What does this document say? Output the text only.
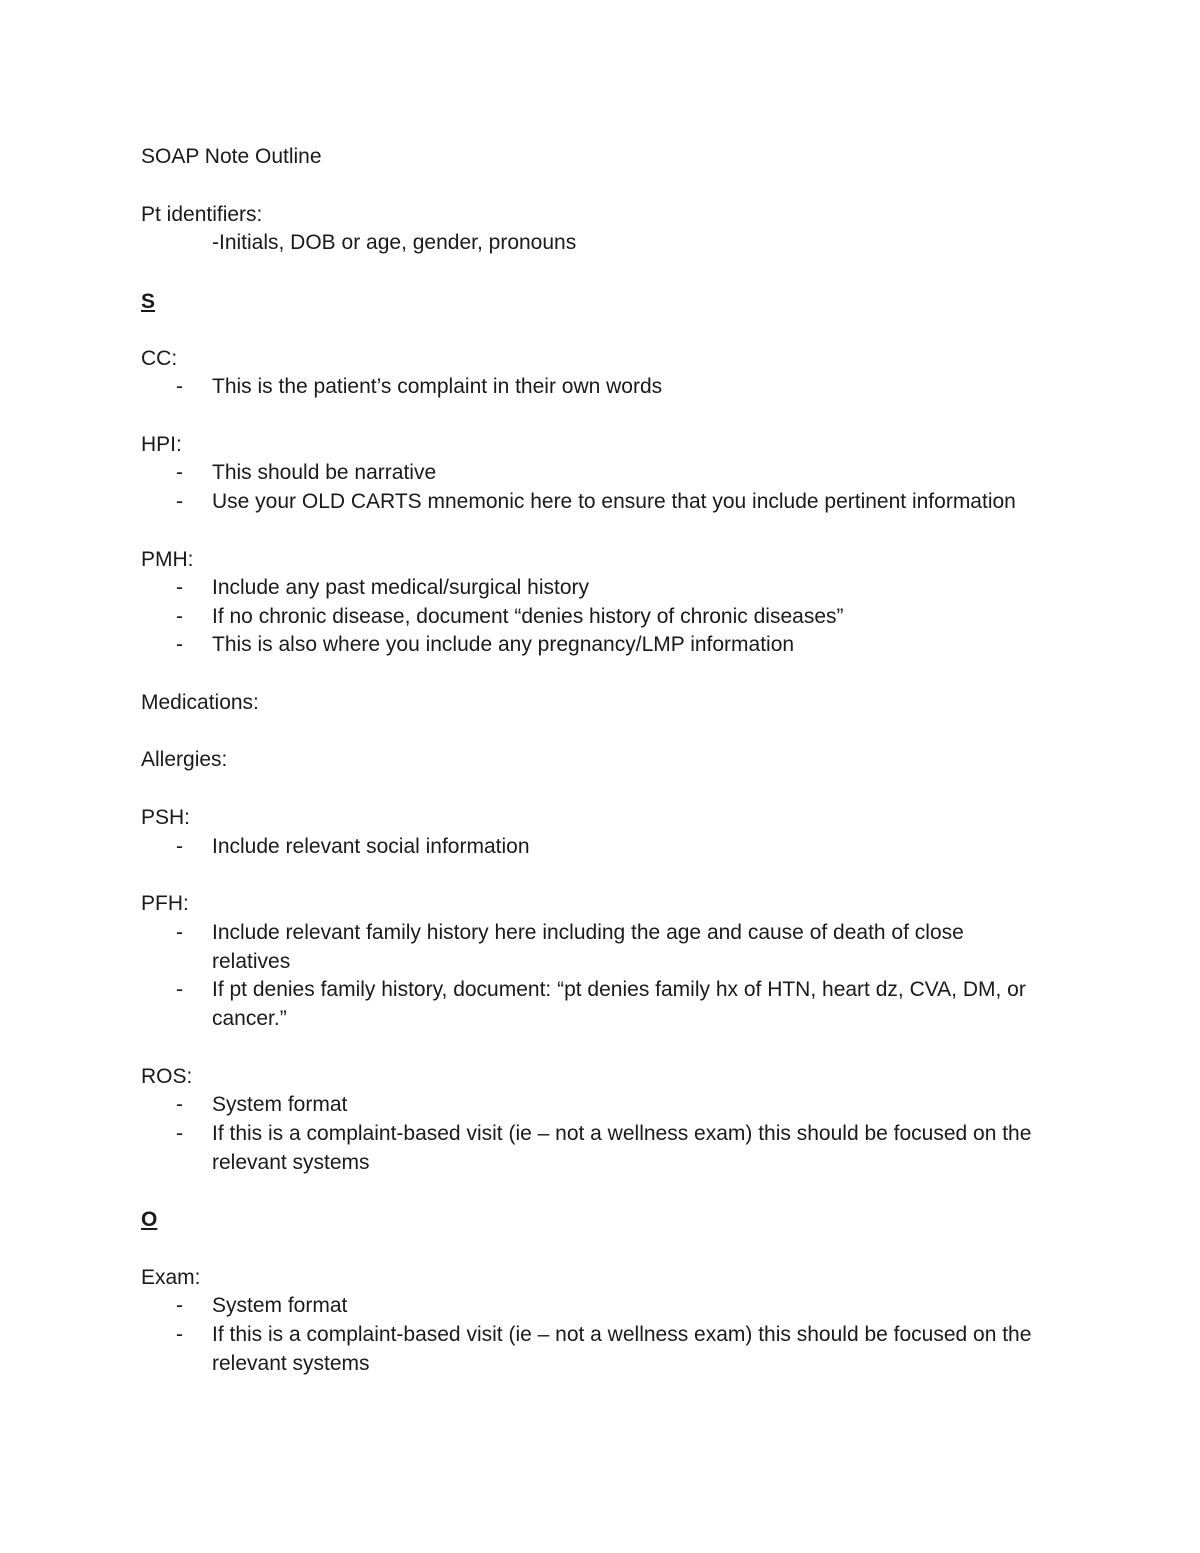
SOAP Note Outline
Pt identifiers:
-Initials, DOB or age, gender, pronouns
S
CC:
- This is the patient’s complaint in their own words
HPI:
- This should be narrative
- Use your OLD CARTS mnemonic here to ensure that you include pertinent information
PMH:
- Include any past medical/surgical history
- If no chronic disease, document “denies history of chronic diseases”
- This is also where you include any pregnancy/LMP information
Medications:
Allergies:
PSH:
- Include relevant social information
PFH:
- Include relevant family history here including the age and cause of death of close
relatives
- If pt denies family history, document: “pt denies family hx of HTN, heart dz, CVA, DM, or
cancer.”
ROS:
- System format
- If this is a complaint-based visit (ie – not a wellness exam) this should be focused on the
relevant systems
O
Exam:
- System format
- If this is a complaint-based visit (ie – not a wellness exam) this should be focused on the
relevant systems
